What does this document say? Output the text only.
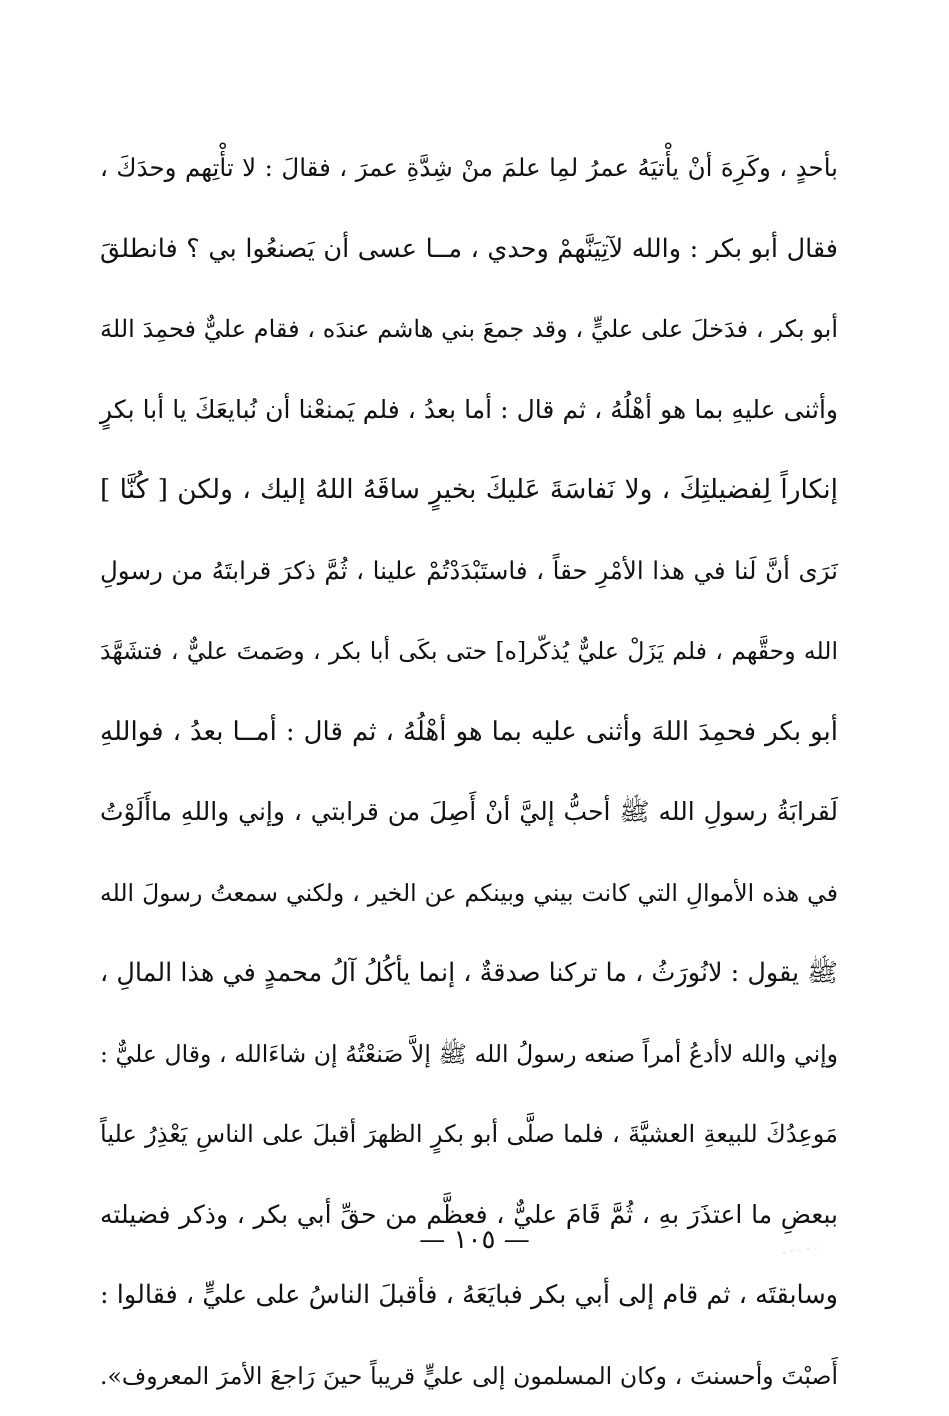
بأحدٍ ، وكَرِهَ أنْ يأْتيَهُ عمرُ لمِا علمَ منْ شِدَّةِ عمرَ ، فقالَ : لا تأْتِهم وحدَكَ ،
فقال أبو بكر : والله لآتِيَنَّهمْ وحدي ، مــا عسى أن يَصنعُوا بي ؟ فانطلقَ
أبو بكر ، فدَخلَ على عليٍّ ، وقد جمعَ بني هاشم عندَه ، فقام عليٌّ فحمِدَ اللهَ
وأثنى عليهِ بما هو أهْلُهُ ، ثم قال : أما بعدُ ، فلم يَمنعْنا أن نُبايعَكَ يا أبا بكرٍ
إنكاراً لِفضيلتِكَ ، ولا نَفاسَةَ عَليكَ بخيرٍ ساقَهُ اللهُ إليك ، ولكن [ كُنَّا ]
نَرَى أنَّ لَنا في هذا الأمْرِ حقاً ، فاستَبْدَدْتُمْ علينا ، ثُمَّ ذكرَ قرابتَهُ من رسولِ
الله وحقَّهم ، فلم يَزَلْ عليٌّ يُذكّر[ه] حتى بكَى أبا بكر ، وصَمتَ عليٌّ ، فتشَهَّدَ
أبو بكر فحمِدَ اللهَ وأثنى عليه بما هو أهْلُهُ ، ثم قال : أمــا بعدُ ، فواللهِ
لَقرابَةُ رسولِ الله ﷺ أحبُّ إليَّ أنْ أَصِلَ من قرابتي ، وإني واللهِ ماأَلَوْتُ
في هذه الأموالِ التي كانت بيني وبينكم عن الخير ، ولكني سمعتُ رسولَ الله
ﷺ يقول : لانُورَثُ ، ما تركنا صدقةٌ ، إنما يأكُلُ آلُ محمدٍ في هذا المالِ ،
وإني والله لاأدعُ أمراً صنعه رسولُ الله ﷺ إلاَّ صَنعْتُهُ إن شاءَالله ، وقال عليٌّ :
مَوعِدُكَ للبيعةِ العشيَّةَ ، فلما صلَّى أبو بكرٍ الظهرَ أقبلَ على الناسِ يَعْذِرُ علياً
ببعضِ ما اعتذَرَ بهِ ، ثُمَّ قَامَ عليٌّ ، فعظَّم من حقِّ أبي بكر ، وذكر فضيلته
وسابقتَه ، ثم قام إلى أبي بكر فبايَعَهُ ، فأقبلَ الناسُ على عليٍّ ، فقالوا :
أَصبْتَ وأحسنتَ ، وكان المسلمون إلى عليٍّ قريباً حينَ رَاجعَ الأمرَ المعروف».
— ١٠٥ —
